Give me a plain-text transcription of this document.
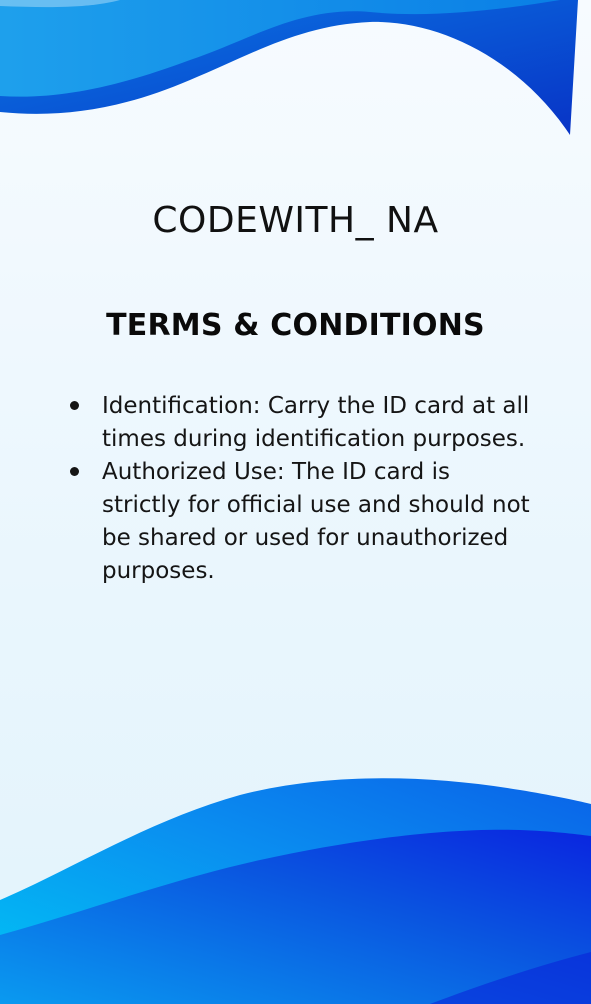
CODEWITH_ NA
TERMS & CONDITIONS
Identification: Carry the ID card at all times during identification purposes.
Authorized Use: The ID card is strictly for official use and should not be shared or used for unauthorized purposes.
